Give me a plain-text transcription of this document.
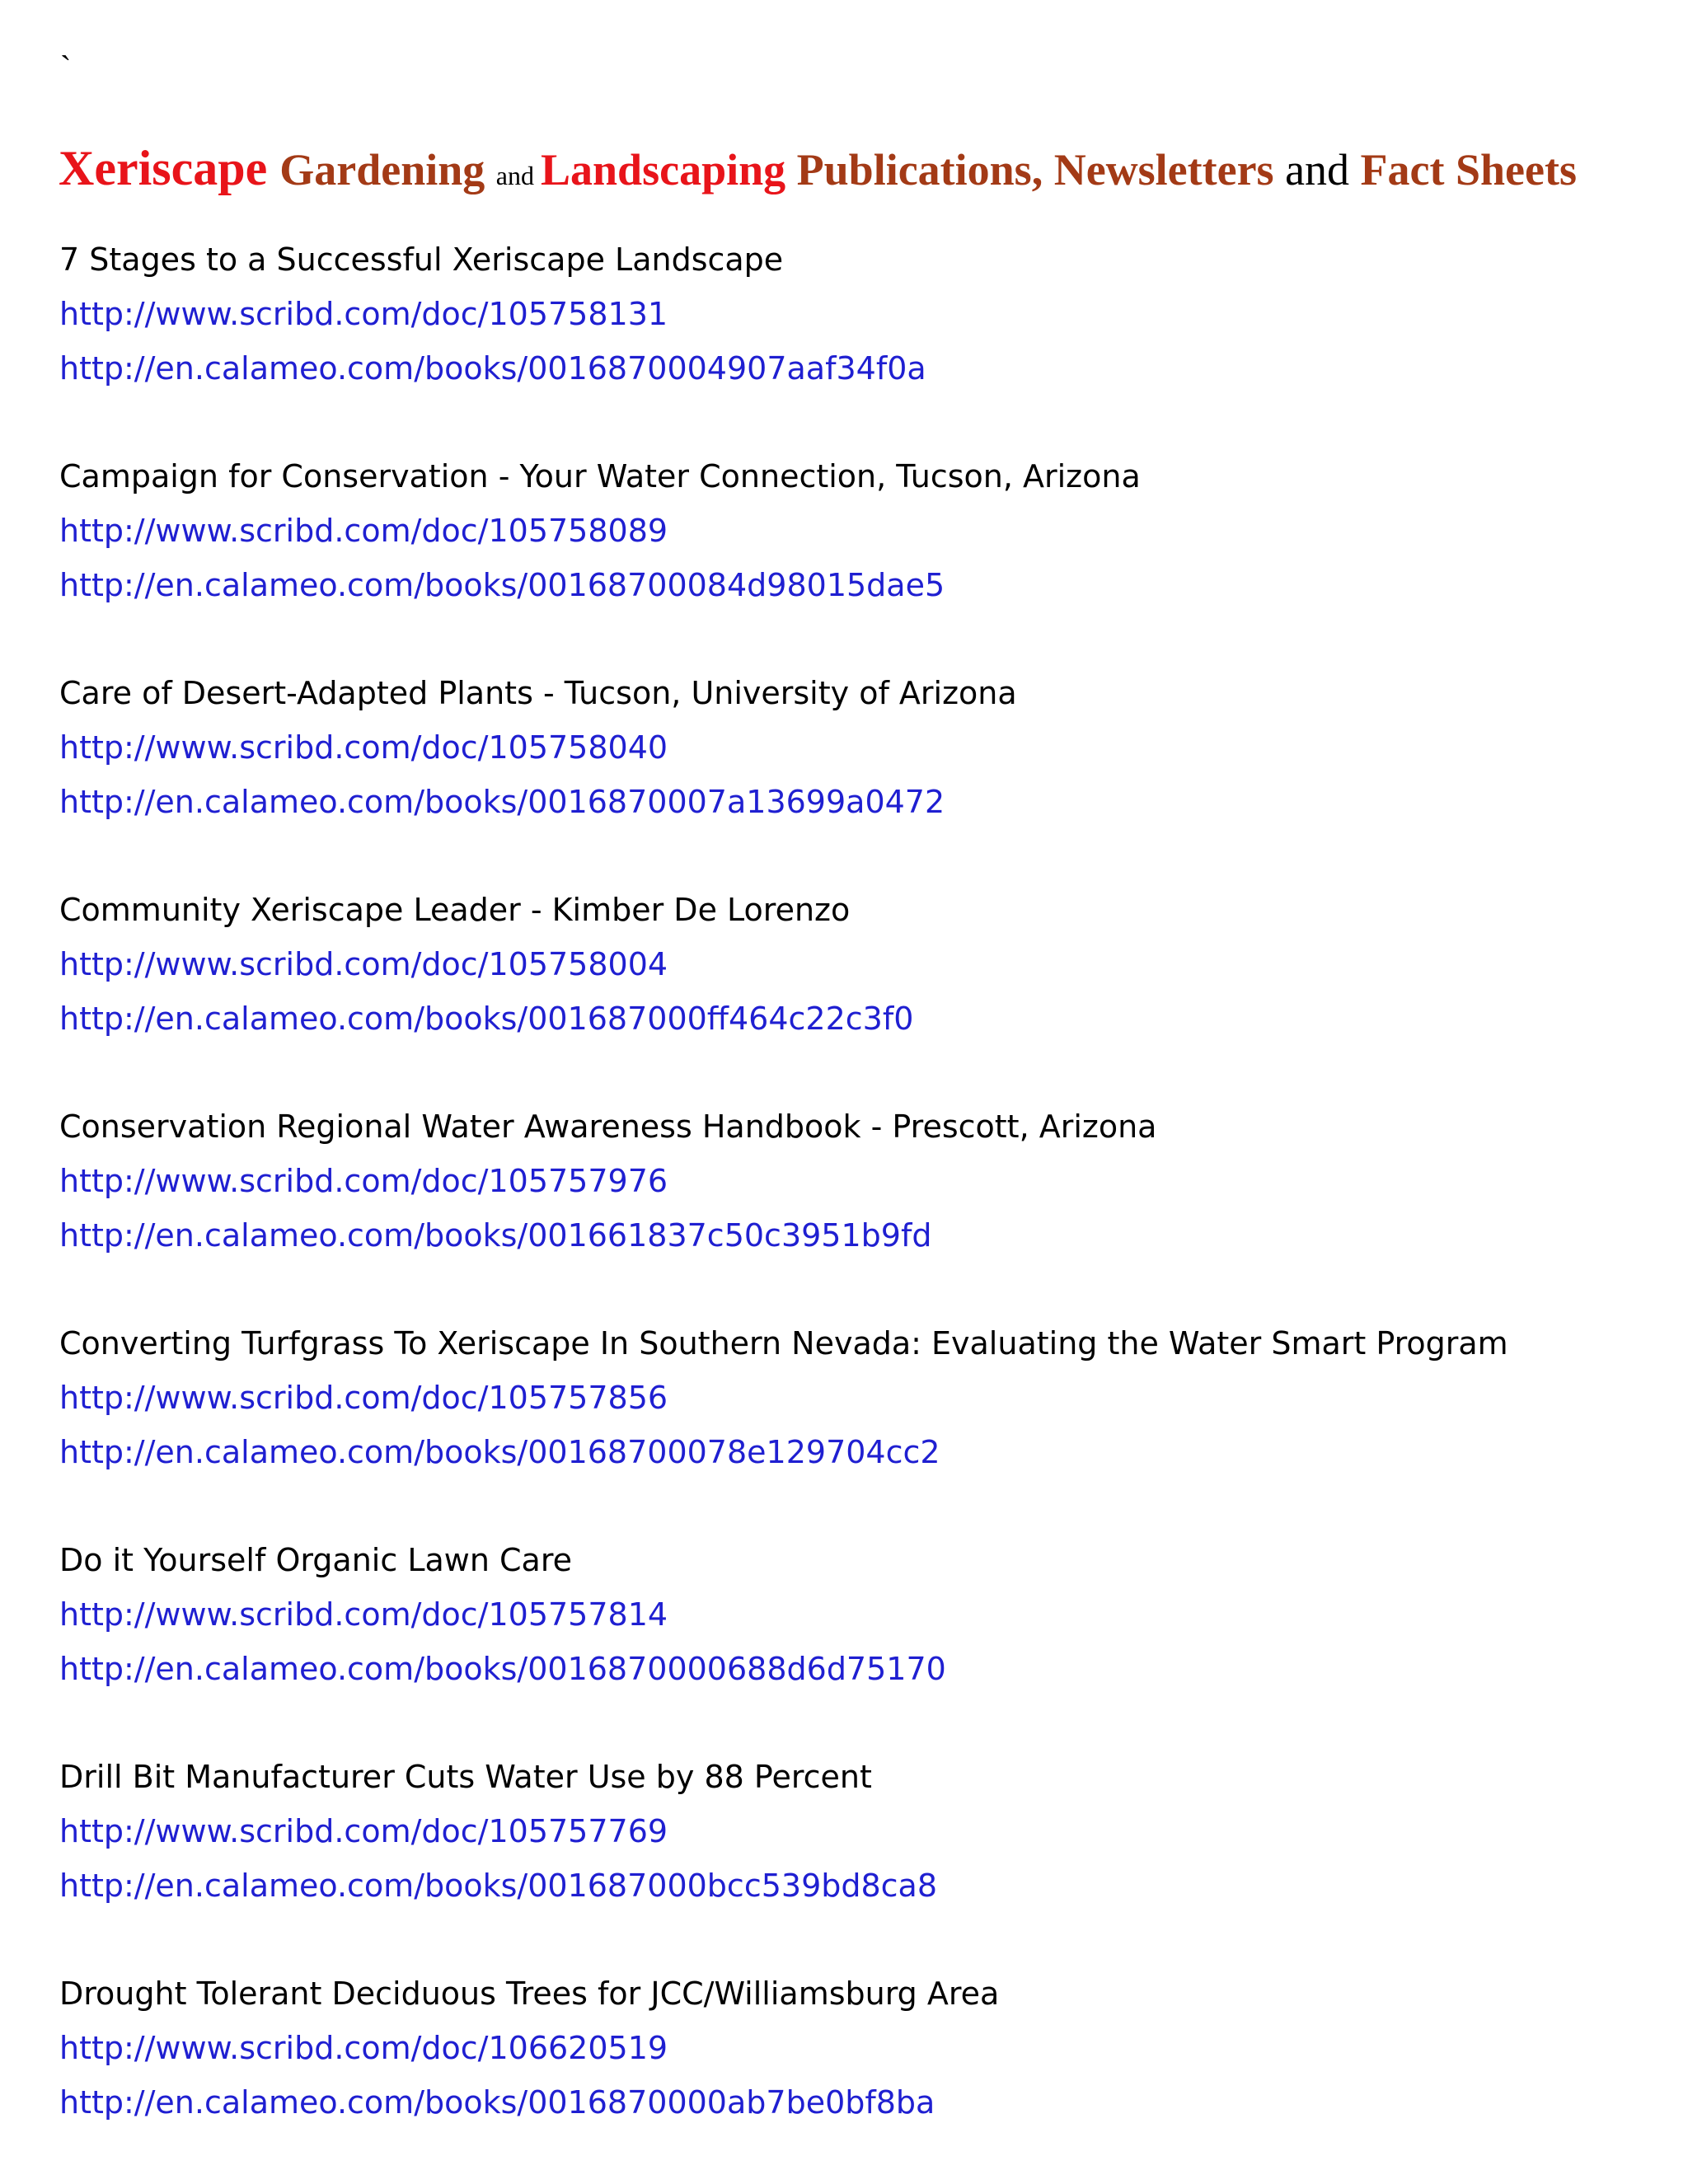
`
Xeriscape Gardening and Landscaping Publications, Newsletters and Fact Sheets
7 Stages to a Successful Xeriscape Landscape
http://www.scribd.com/doc/105758131
http://en.calameo.com/books/0016870004907aaf34f0a
Campaign for Conservation - Your Water Connection, Tucson, Arizona
http://www.scribd.com/doc/105758089
http://en.calameo.com/books/00168700084d98015dae5
Care of Desert-Adapted Plants - Tucson, University of Arizona
http://www.scribd.com/doc/105758040
http://en.calameo.com/books/0016870007a13699a0472
Community Xeriscape Leader - Kimber De Lorenzo
http://www.scribd.com/doc/105758004
http://en.calameo.com/books/001687000ff464c22c3f0
Conservation Regional Water Awareness Handbook - Prescott, Arizona
http://www.scribd.com/doc/105757976
http://en.calameo.com/books/001661837c50c3951b9fd
Converting Turfgrass To Xeriscape In Southern Nevada: Evaluating the Water Smart Program
http://www.scribd.com/doc/105757856
http://en.calameo.com/books/00168700078e129704cc2
Do it Yourself Organic Lawn Care
http://www.scribd.com/doc/105757814
http://en.calameo.com/books/0016870000688d6d75170
Drill Bit Manufacturer Cuts Water Use by 88 Percent
http://www.scribd.com/doc/105757769
http://en.calameo.com/books/001687000bcc539bd8ca8
Drought Tolerant Deciduous Trees for JCC/Williamsburg Area
http://www.scribd.com/doc/106620519
http://en.calameo.com/books/0016870000ab7be0bf8ba
